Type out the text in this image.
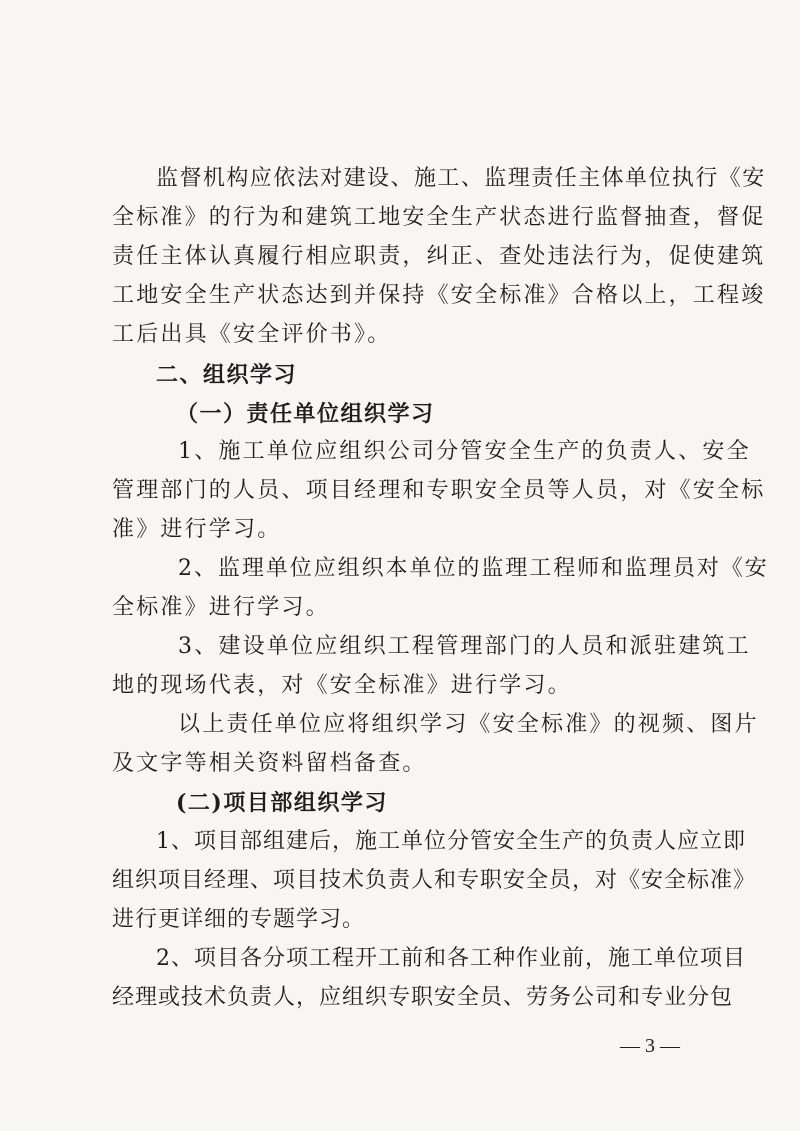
监督机构应依法对建设、施工、监理责任主体单位执行《安
全标准》的行为和建筑工地安全生产状态进行监督抽查，督促
责任主体认真履行相应职责，纠正、查处违法行为，促使建筑
工地安全生产状态达到并保持《安全标准》合格以上，工程竣
工后出具《安全评价书》。
二、组织学习
（一）责任单位组织学习
1、施工单位应组织公司分管安全生产的负责人、安全
管理部门的人员、项目经理和专职安全员等人员，对《安全标
准》进行学习。
2、监理单位应组织本单位的监理工程师和监理员对《安
全标准》进行学习。
3、建设单位应组织工程管理部门的人员和派驻建筑工
地的现场代表，对《安全标准》进行学习。
以上责任单位应将组织学习《安全标准》的视频、图片
及文字等相关资料留档备查。
(二)项目部组织学习
1、项目部组建后，施工单位分管安全生产的负责人应立即
组织项目经理、项目技术负责人和专职安全员，对《安全标准》
进行更详细的专题学习。
2、项目各分项工程开工前和各工种作业前，施工单位项目
经理或技术负责人，应组织专职安全员、劳务公司和专业分包
— 3 —
